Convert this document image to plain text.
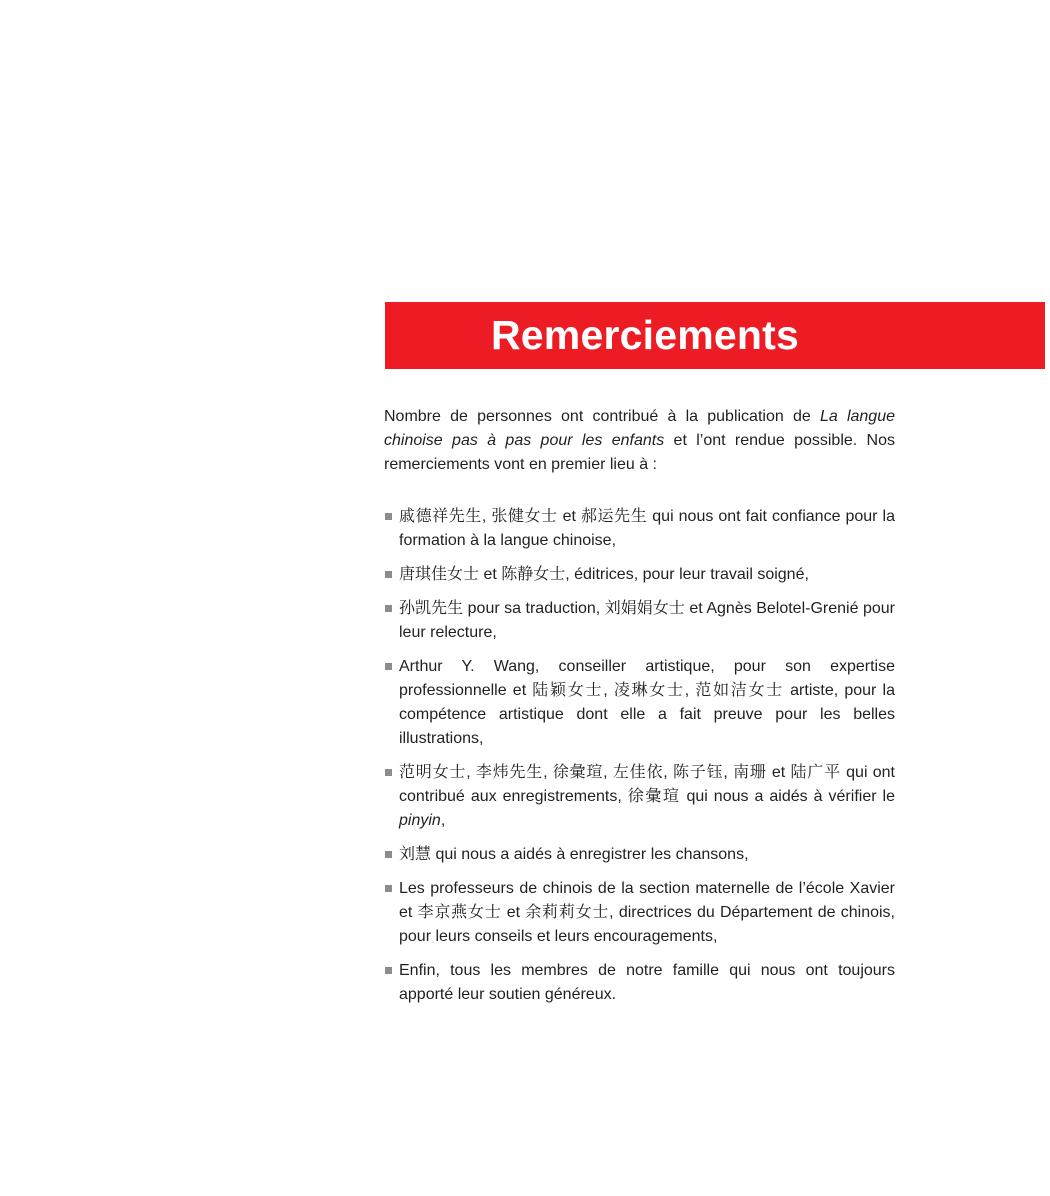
Remerciements

Nombre de personnes ont contribué à la publication de La langue chinoise pas à pas pour les enfants et l’ont rendue possible. Nos remerciements vont en premier lieu à :

戚德祥先生, 张健女士 et 郝运先生 qui nous ont fait confiance pour la formation à la langue chinoise,
唐琪佳女士 et 陈静女士, éditrices, pour leur travail soigné,
孙凯先生 pour sa traduction, 刘娟娟女士 et Agnès Belotel-Grenié pour leur relecture,
Arthur Y. Wang, conseiller artistique, pour son expertise professionnelle et 陆颖女士, 凌琳女士, 范如洁女士 artiste, pour la compétence artistique dont elle a fait preuve pour les belles illustrations,
范明女士, 李炜先生, 徐彙瑄, 左佳依, 陈子钰, 南珊 et 陆广平 qui ont contribué aux enregistrements, 徐彙瑄 qui nous a aidés à vérifier le pinyin,
刘慧 qui nous a aidés à enregistrer les chansons,
Les professeurs de chinois de la section maternelle de l’école Xavier et 李京燕女士 et 余莉莉女士, directrices du Département de chinois, pour leurs conseils et leurs encouragements,
Enfin, tous les membres de notre famille qui nous ont toujours apporté leur soutien généreux.
